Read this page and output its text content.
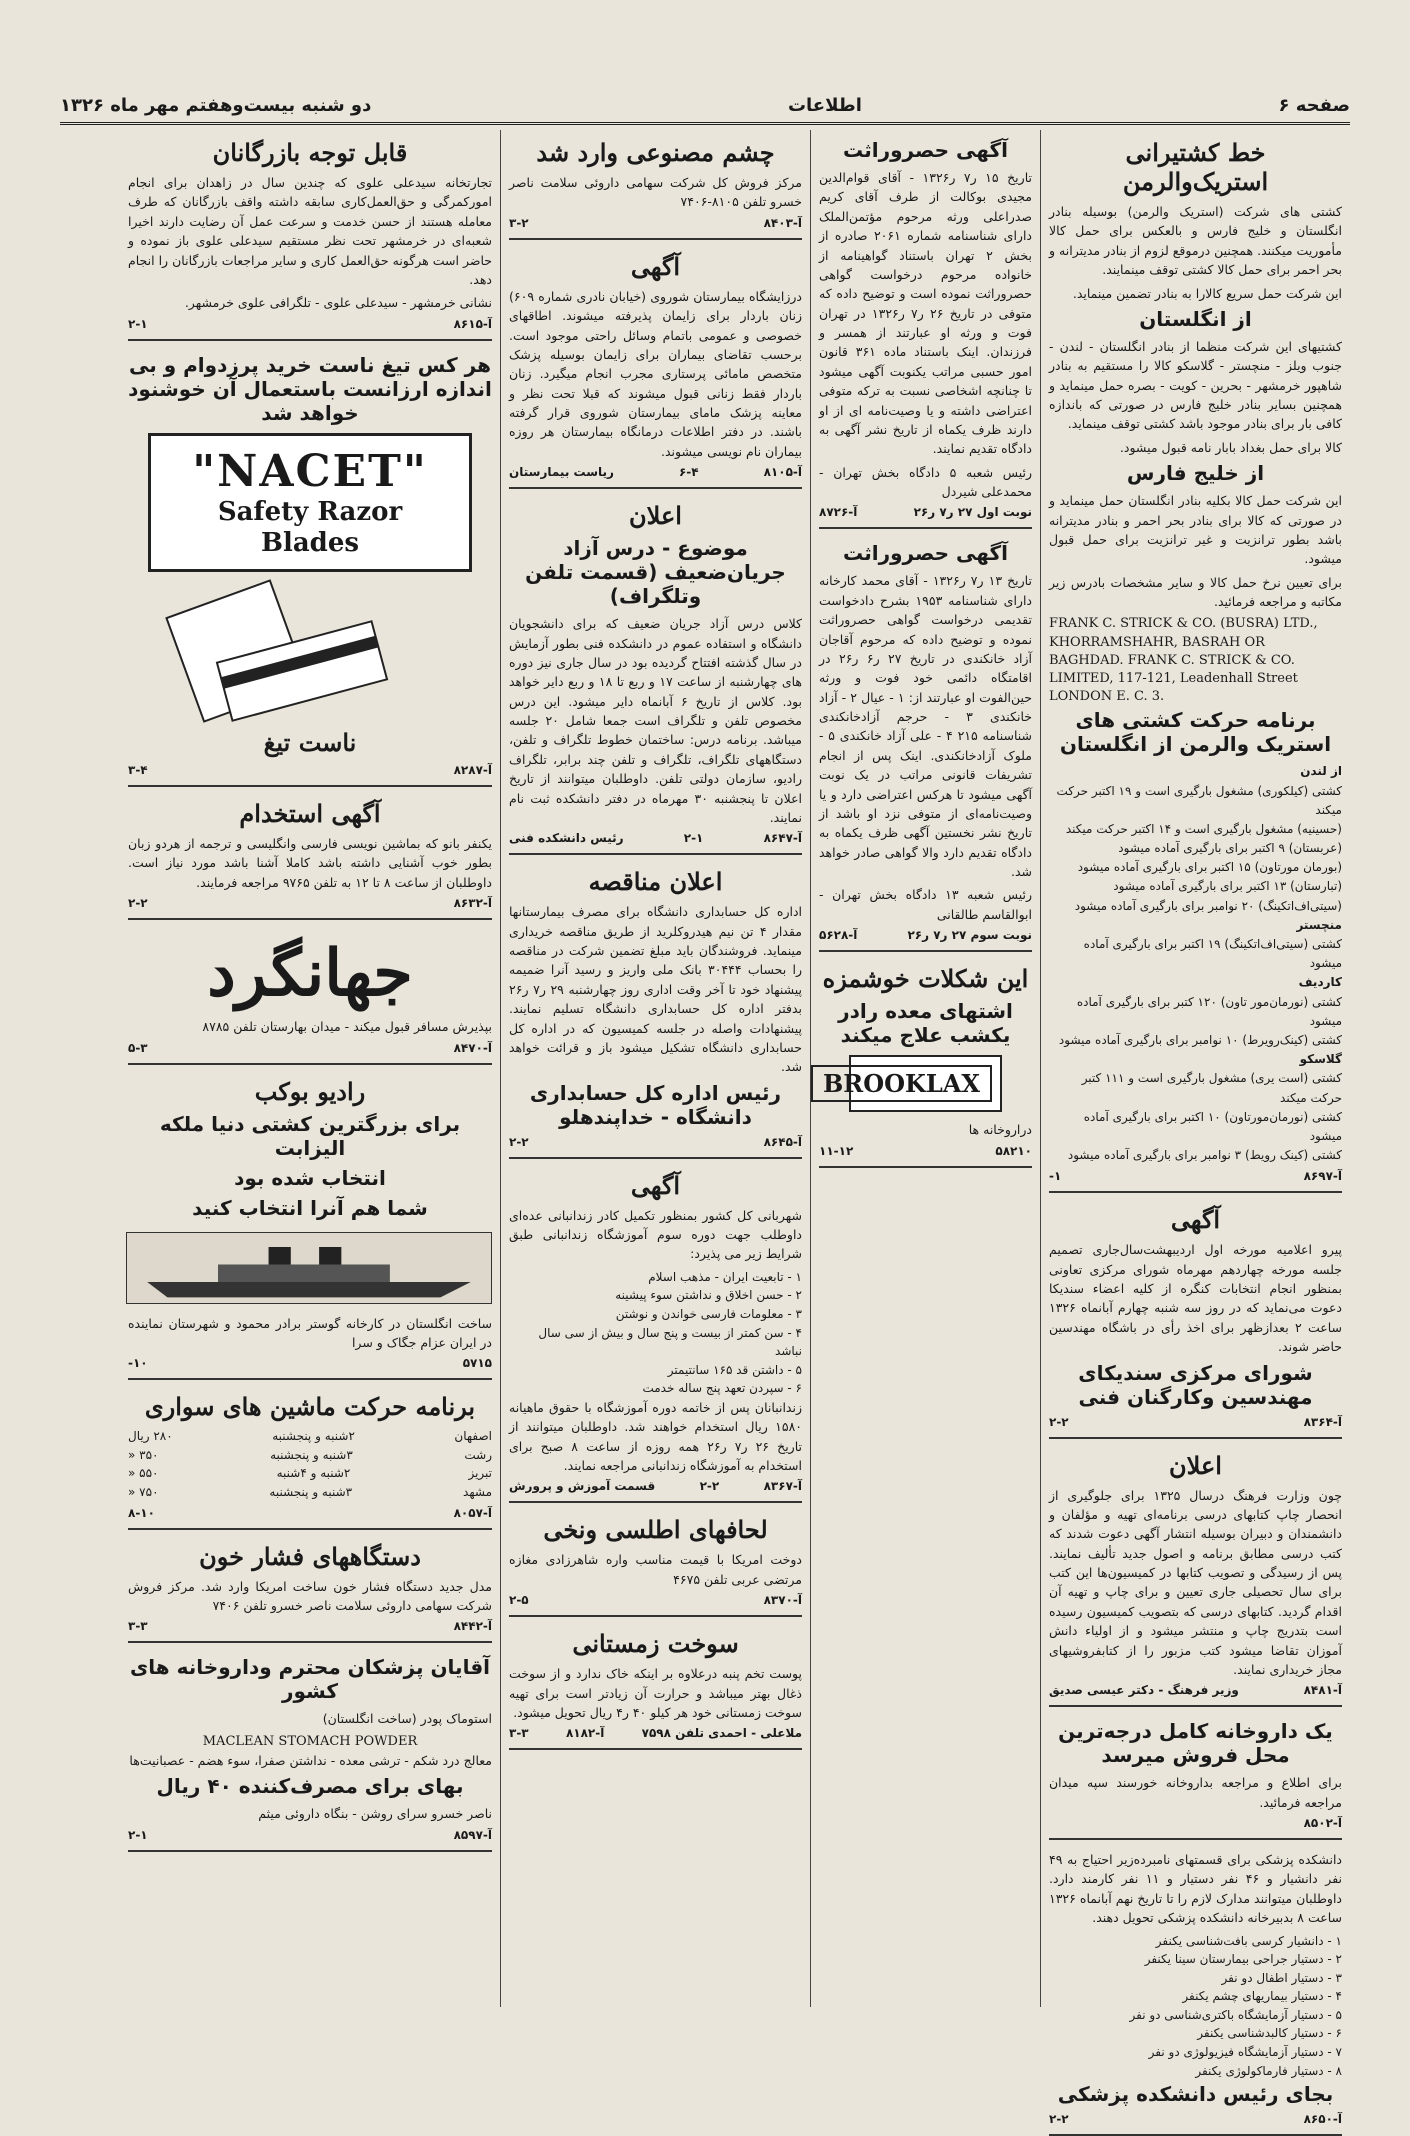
صفحه ۶
اطلاعات
دو شنبه بیست‌وهفتم مهر ماه ۱۳۲۶
خط کشتیرانی استریک‌والرمن

کشتی های شرکت (استریک والرمن) بوسیله بنادر انگلستان و خلیج فارس و بالعکس برای حمل کالا مأموریت میکنند. همچنین درموقع لزوم از بنادر مدیترانه و بحر احمر برای حمل کالا کشتی توقف مینمایند.

این شرکت حمل سریع کالارا به بنادر تضمین مینماید.

از انگلستان

کشتیهای این شرکت منظما از بنادر انگلستان - لندن - جنوب ویلز - منچستر - گلاسکو کالا را مستقیم به بنادر شاهپور خرمشهر - بحرین - کویت - بصره حمل مینماید و همچنین بسایر بنادر خلیج فارس در صورتی که باندازه کافی بار برای بنادر موجود باشد کشتی توقف مینماید.

کالا برای حمل بغداد بابار نامه قبول میشود.

از خلیج فارس

این شرکت حمل کالا بکلیه بنادر انگلستان حمل مینماید و در صورتی که کالا برای بنادر بحر احمر و بنادر مدیترانه باشد بطور ترانزیت و غیر ترانزیت برای حمل قبول میشود.

برای تعیین نرخ حمل کالا و سایر مشخصات بادرس زیر مکاتبه و مراجعه فرمائید.

FRANK C. STRICK & CO. (BUSRA) LTD., KHORRAMSHAHR, BASRAH OR BAGHDAD. FRANK C. STRICK & CO. LIMITED, 117-121, Leadenhall Street LONDON E. C. 3.
برنامه حرکت کشتی های استریک والرمن از انگلستان
از لندن
کشتی (کیلکوری) مشغول بارگیری است و ۱۹ اکتبر حرکت میکند
(حسینیه) مشغول بارگیری است و ۱۴ اکتبر حرکت میکند
(عربستان) ۹ اکتبر برای بارگیری آماده میشود
(بورمان مورتاون) ۱۵ اکتبر برای بارگیری آماده میشود
(تبارستان) ۱۳ اکتبر برای بارگیری آماده میشود
(سیتی‌اف‌اتکینگ) ۲۰ نوامبر برای بارگیری آماده میشود
منچستر
کشتی (سیتی‌اف‌اتکینگ) ۱۹ اکتبر برای بارگیری آماده میشود
کاردیف
کشتی (نورمان‌مور تاون) ۱۲۰ کتبر برای بارگیری آماده میشود
کشتی (کینک‌رویر‌ط) ۱۰ نوامبر برای بارگیری آماده میشود
گلاسکو
کشتی (است یری) مشغول بارگیری است و ۱۱۱ کتبر حرکت میکند
کشتی (نورمان‌مورتاون) ۱۰ اکتبر برای بارگیری آماده میشود
کشتی (کینک رویط) ۳ نوامبر برای بارگیری آماده میشود
آ-۸۶۹۷
۱-
آگهی

پیرو اعلامیه مورخه اول اردیبهشت‌سال‌جاری تصمیم جلسه مورخه چهاردهم مهرماه شورای مرکزی تعاونی بمنظور انجام انتخابات کنگره از کلیه اعضاء سندیکا دعوت می‌نماید که در روز سه شنبه چهارم آبانماه ۱۳۲۶ ساعت ۲ بعدازظهر برای اخذ رأی در باشگاه مهندسین حاضر شوند.

شورای مرکزی سندیکای مهندسین وکارگنان فنی
آ-۸۳۶۴
۲-۲
اعلان

چون وزارت فرهنگ درسال ۱۳۲۵ برای جلوگیری از انحصار چاپ کتابهای درسی برنامه‌ای تهیه و مؤلفان و دانشمندان و دبیران بوسیله انتشار آگهی دعوت شدند که کتب درسی مطابق برنامه و اصول جدید تألیف نمایند. پس از رسیدگی و تصویب کتابها در کمیسیون‌ها این کتب برای سال تحصیلی جاری تعیین و برای چاپ و تهیه آن اقدام گردید. کتابهای درسی که بتصویب کمیسیون رسیده است بتدریج چاپ و منتشر میشود و از اولیاء دانش آموزان تقاضا میشود کتب مزبور را از کتابفروشیهای مجاز خریداری نمایند.

آ-۸۴۸۱
وزیر فرهنگ - دکتر عیسی صدیق
یک داروخانه کامل درجه‌ترین محل فروش میرسد

برای اطلاع و مراجعه بداروخانه خورسند سپه میدان مراجعه فرمائید.

آ-۸۵۰۲

دانشکده پزشکی برای قسمتهای نامبرده‌زیر احتیاج به ۴۹ نفر دانشیار و ۴۶ نفر دستیار و ۱۱ نفر کارمند دارد. داوطلبان میتوانند مدارک لازم را تا تاریخ نهم آبانماه ۱۳۲۶ ساعت ۸ بدبیرخانه دانشکده پزشکی تحویل دهند.

۱ - دانشیار کرسی بافت‌شناسی یکنفر
۲ - دستیار جراحی بیمارستان سینا یکنفر
۳ - دستیار اطفال دو نفر
۴ - دستیار بیماریهای چشم یکنفر
۵ - دستیار آزمایشگاه باکتری‌شناسی دو نفر
۶ - دستیار کالبدشناسی یکنفر
۷ - دستیار آزمایشگاه فیزیولوژی دو نفر
۸ - دستیار فارماکولوژی یکنفر
بجای رئیس دانشکده پزشکی
آ-۸۶۵۰
۲-۲
آگهی حصروراثت

تاریخ ۱۵ ر۷ ر۱۳۲۶ - آقای قوام‌الدین مجیدی بوکالت از طرف آقای کریم صدراعلی ورثه مرحوم مؤتمن‌الملک دارای شناسنامه شماره ۲۰۶۱ صادره از بخش ۲ تهران باستناد گواهینامه از خانواده مرحوم درخواست گواهی حصروراثت نموده است و توضیح داده که متوفی در تاریخ ۲۶ ر۷ ر۱۳۲۶ در تهران فوت و ورثه او عبارتند از همسر و فرزندان. اینک باستناد ماده ۳۶۱ قانون امور حسبی مراتب یکنوبت آگهی میشود تا چنانچه اشخاصی نسبت به ترکه متوفی اعتراضی داشته و یا وصیت‌نامه ای از او دارند ظرف یکماه از تاریخ نشر آگهی به دادگاه تقدیم نمایند.

رئیس شعبه ۵ دادگاه بخش تهران - محمدعلی شیردل

نوبت اول ۲۷ ر۷ ر۲۶
آ-۸۷۲۶
آگهی حصروراثت

تاریخ ۱۳ ر۷ ر۱۳۲۶ - آقای محمد کارخانه دارای شناسنامه ۱۹۵۳ بشرح دادخواست تقدیمی درخواست گواهی حصروراثت نموده و توضیح داده که مرحوم آقاجان آزاد خانکندی در تاریخ ۲۷ ر۶ ر۲۶ در اقامتگاه دائمی خود فوت و ورثه حین‌الفوت او عبارتند از: ۱ - عیال ۲ - آزاد خانکندی ۳ - حرجم آزادخانکندی شناسنامه ۲۱۵ ۴ - علی آزاد خانکندی ۵ - ملوک آزادخانکندی. اینک پس از انجام تشریفات قانونی مراتب در یک نوبت آگهی میشود تا هرکس اعتراضی دارد و یا وصیت‌نامه‌ای از متوفی نزد او باشد از تاریخ نشر نخستین آگهی ظرف یکماه به دادگاه تقدیم دارد والا گواهی صادر خواهد شد.

رئیس شعبه ۱۳ دادگاه بخش تهران - ابوالقاسم طالقانی

نوبت سوم ۲۷ ر۷ ر۲۶
آ-۵۶۲۸
این شکلات خوشمزه
اشتهای معده رادر یکشب علاج میکند
BROOKLAX

دراروخانه ها

۵۸۲۱۰
۱۱-۱۲
چشم مصنوعی وارد شد

مرکز فروش کل شرکت سهامی داروئی سلامت ناصر خسرو تلفن ۸۱۰۵-۷۴۰۶

آ-۸۴۰۳
۳-۲
آگهی

درزایشگاه بیمارستان شوروی (خیابان نادری شماره ۶۰۹) زنان باردار برای زایمان پذیرفته میشوند. اطاقهای خصوصی و عمومی باتمام وسائل راحتی موجود است. برحسب تقاضای بیماران برای زایمان بوسیله پزشک متخصص مامائی پرستاری مجرب انجام میگیرد. زنان باردار فقط زنانی قبول میشوند که قبلا تحت نظر و معاینه پزشک مامای بیمارستان شوروی قرار گرفته باشند. در دفتر اطلاعات درمانگاه بیمارستان هر روزه بیماران نام نویسی میشوند.

آ-۸۱۰۵
۶-۴
ریاست بیمارستان
اعلان
موضوع - درس آزاد جریان‌ضعیف (قسمت تلفن وتلگراف)

کلاس درس آزاد جریان ضعیف که برای دانشجویان دانشگاه و استفاده عموم در دانشکده فنی بطور آزمایش در سال گذشته افتتاح گردیده بود در سال جاری نیز دوره های چهارشنبه از ساعت ۱۷ و ربع تا ۱۸ و ربع دایر خواهد بود. کلاس از تاریخ ۶ آبانماه دایر میشود. این درس مخصوص تلفن و تلگراف است جمعا شامل ۲۰ جلسه میباشد. برنامه درس: ساختمان خطوط تلگراف و تلفن، دستگاههای تلگراف، تلگراف و تلفن چند برابر، تلگراف رادیو، سازمان دولتی تلفن. داوطلبان میتوانند از تاریخ اعلان تا پنجشنبه ۳۰ مهرماه در دفتر دانشکده ثبت نام نمایند.

آ-۸۶۴۷
۲-۱
رئیس دانشکده فنی
اعلان مناقصه

اداره کل حسابداری دانشگاه برای مصرف بیمارستانها مقدار ۴ تن نیم هیدروکلرید از طریق مناقصه خریداری مینماید. فروشندگان باید مبلغ تضمین شرکت در مناقصه را بحساب ۳۰۴۴۴ بانک ملی واریز و رسید آنرا ضمیمه پیشنهاد خود تا آخر وقت اداری روز چهارشنبه ۲۹ ر۷ ر۲۶ بدفتر اداره کل حسابداری دانشگاه تسلیم نمایند. پیشنهادات واصله در جلسه کمیسیون که در اداره کل حسابداری دانشگاه تشکیل میشود باز و قرائت خواهد شد.

رئیس اداره کل حسابداری دانشگاه - خداپندهلو
آ-۸۶۴۵
۲-۲
آگهی

شهربانی کل کشور بمنظور تکمیل کادر زندانبانی عده‌ای داوطلب جهت دوره سوم آموزشگاه زندانبانی طبق شرایط زیر می پذیرد:

۱ - تابعیت ایران - مذهب اسلام
۲ - حسن اخلاق و نداشتن سوء پیشینه
۳ - معلومات فارسی خواندن و نوشتن
۴ - سن کمتر از بیست و پنج سال و بیش از سی سال نباشد
۵ - داشتن قد ۱۶۵ سانتیمتر
۶ - سپردن تعهد پنج ساله خدمت

زندانبانان پس از خاتمه دوره آموزشگاه با حقوق ماهیانه ۱۵۸۰ ریال استخدام خواهند شد. داوطلبان میتوانند از تاریخ ۲۶ ر۷ ر۲۶ همه روزه از ساعت ۸ صبح برای استخدام به آموزشگاه زندانبانی مراجعه نمایند.

آ-۸۳۶۷
۲-۲
قسمت آموزش و پرورش
لحافهای اطلسی ونخی

دوخت امریکا با قیمت مناسب واره شاهرزادی مغازه مرتضی عربی تلفن ۴۶۷۵

آ-۸۳۷۰
۲-۵
سوخت زمستانی

پوست تخم پنبه درعلاوه بر اینکه خاک ندارد و از سوخت ذغال بهتر میباشد و حرارت آن زیادتر است برای تهیه سوخت زمستانی خود هر کیلو ۴۰ ر۴ ریال تحویل میشود.

ملاعلی - احمدی تلفن ۷۵۹۸
آ-۸۱۸۲
۳-۳
قابل توجه بازرگانان

تجارتخانه سیدعلی علوی که چندین سال در زاهدان برای انجام امورکمرگی و حق‌العمل‌کاری سابقه داشته واقف بازرگانان که طرف معامله هستند از حسن خدمت و سرعت عمل آن رضایت دارند اخیرا شعبه‌ای در خرمشهر تحت نظر مستقیم سیدعلی علوی باز نموده و حاضر است هرگونه حق‌العمل کاری و سایر مراجعات بازرگانان را انجام دهد.

نشانی خرمشهر - سیدعلی علوی - تلگرافی علوی خرمشهر.

آ-۸۶۱۵
۲-۱
هر کس تیغ ناست خرید پرزدوام و بی اندازه ارزانست باستعمال آن خوشنود خواهد شد
"NACET"
Safety Razor
Blades
ناست تیغ
آ-۸۲۸۷
۳-۴
آگهی استخدام

یکنفر بانو که بماشین نویسی فارسی وانگلیسی و ترجمه از هردو زبان بطور خوب آشنایی داشته باشد کاملا آشنا باشد مورد نیاز است. داوطلبان از ساعت ۸ تا ۱۲ به تلفن ۹۷۶۵ مراجعه فرمایند.

آ-۸۶۳۲
۲-۲
جهانگرد

بپذیرش مسافر قبول میکند - میدان بهارستان تلفن ۸۷۸۵

آ-۸۴۷۰
۵-۳
رادیو بوکب
برای بزرگترین کشتی دنیا ملکه الیزابت
انتخاب شده بود
شما هم آنرا انتخاب کنید

ساخت انگلستان در کارخانه گوستر برادر محمود و شهرستان نماینده در ایران عزام جگاک و سرا

۵۷۱۵
۱۰-
برنامه حرکت ماشین های سواری
اصفهان
۲شنبه و پنجشنبه
۲۸۰ ریال
رشت
۳شنبه و پنجشنبه
۳۵۰ «
تبریز
۲شنبه و ۴شنبه
۵۵۰ «
مشهد
۳شنبه و پنجشنبه
۷۵۰ «
آ-۸۰۵۷
۸-۱۰
دستگاههای فشار خون

مدل جدید دستگاه فشار خون ساخت امریکا وارد شد. مرکز فروش شرکت سهامی داروئی سلامت ناصر خسرو تلفن ۷۴۰۶

آ-۸۴۴۲
۳-۳
آقایان پزشکان محترم وداروخانه های کشور

استوماک پودر (ساخت انگلستان)

MACLEAN STOMACH POWDER

معالج درد شکم - ترشی معده - نداشتن صفرا، سوء هضم - عصبانیت‌ها

بهای برای مصرف‌کننده ۴۰ ریال

ناصر خسرو سرای روشن - بنگاه داروئی میثم

آ-۸۵۹۷
۲-۱
